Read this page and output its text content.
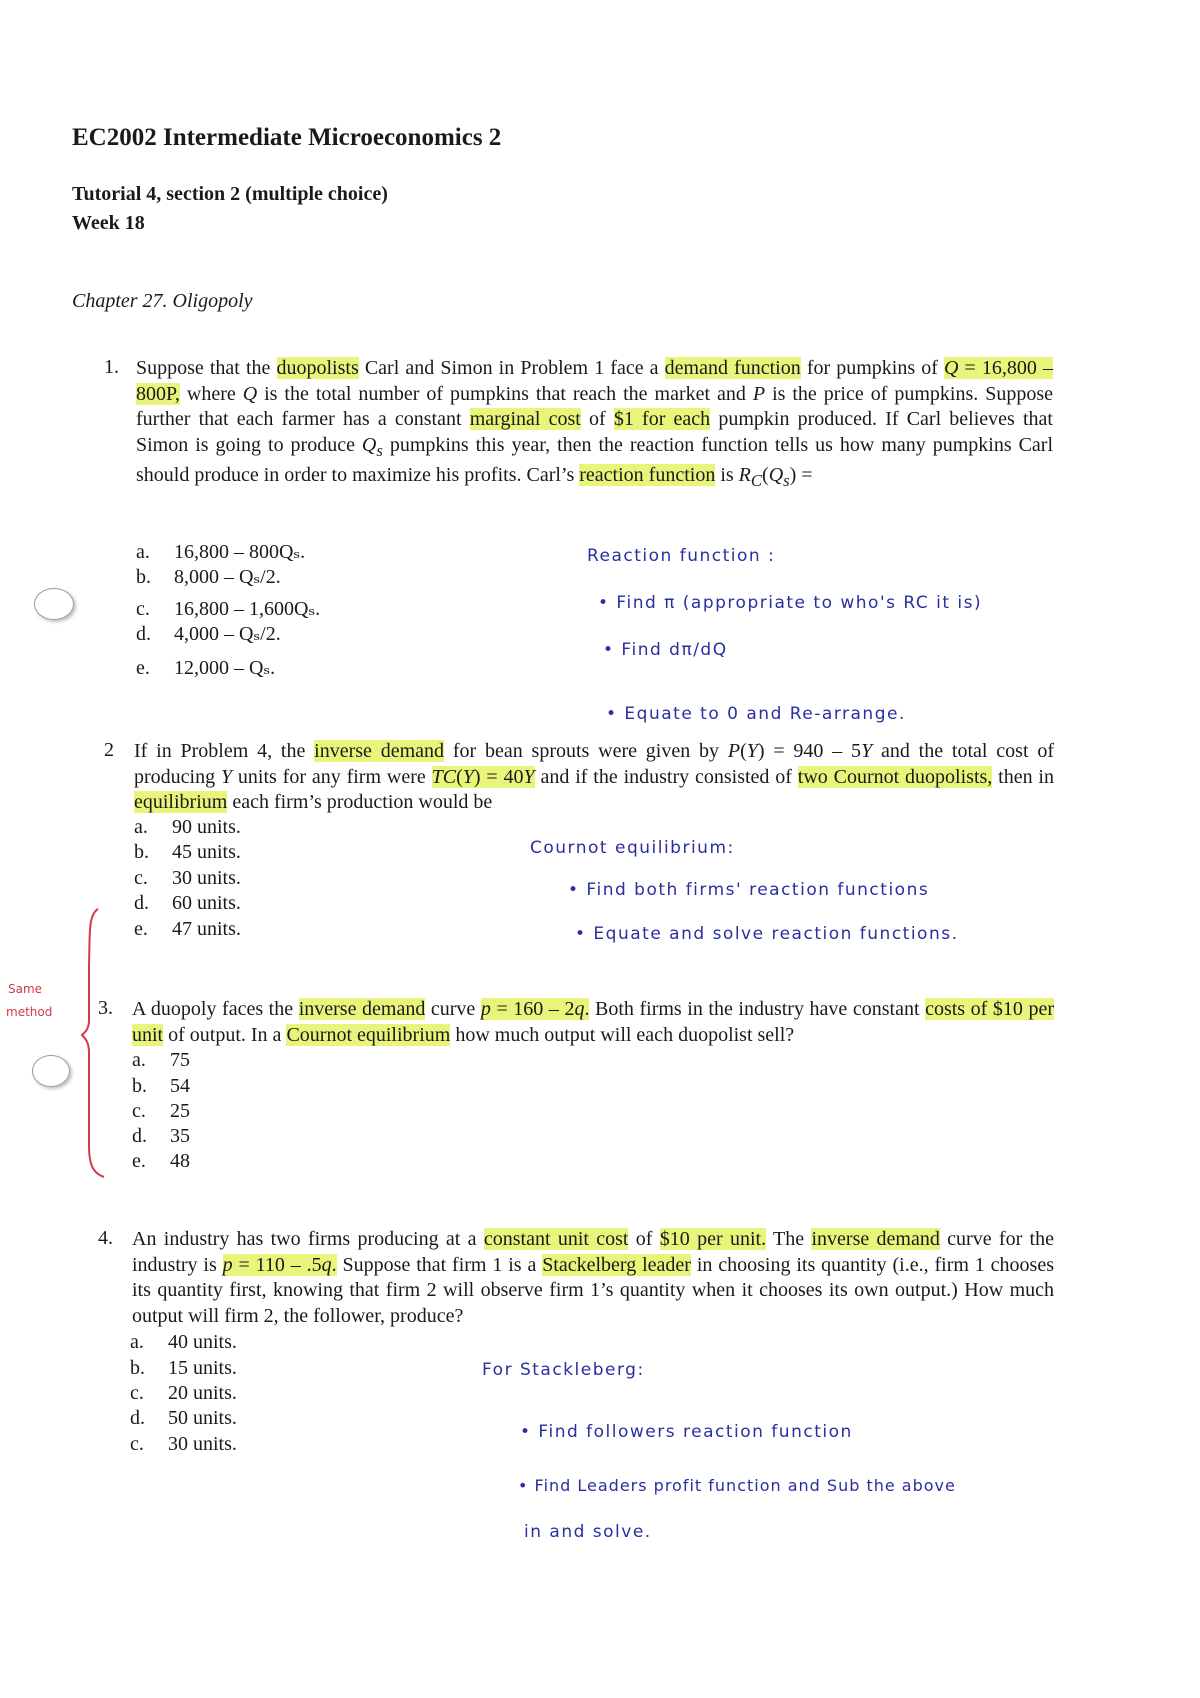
EC2002 Intermediate Microeconomics 2
Tutorial 4, section 2 (multiple choice)
Week 18
Chapter 27. Oligopoly
1. Suppose that the duopolists Carl and Simon in Problem 1 face a demand function for pumpkins of Q = 16,800 – 800P, where Q is the total number of pumpkins that reach the market and P is the price of pumpkins. Suppose further that each farmer has a constant marginal cost of $1 for each pumpkin produced. If Carl believes that Simon is going to produce $Q_s$ pumpkins this year, then the reaction function tells us how many pumpkins Carl should produce in order to maximize his profits. Carl’s reaction function is $R_C(Q_s)$ =
a. 16,800 – 800Qₛ.
b. 8,000 – Qₛ/2.
c. 16,800 – 1,600Qₛ.
d. 4,000 – Qₛ/2.
e. 12,000 – Qₛ.
Reaction function :
• Find π (appropriate to who's RC it is)
• Find dπ/dQ
• Equate to 0 and Re-arrange.
2 If in Problem 4, the inverse demand for bean sprouts were given by P(Y) = 940 – 5Y and the total cost of producing Y units for any firm were TC(Y) = 40Y and if the industry consisted of two Cournot duopolists, then in equilibrium each firm’s production would be
a. 90 units.
b. 45 units.
c. 30 units.
d. 60 units.
e. 47 units.
Cournot equilibrium:
• Find both firms' reaction functions
• Equate and solve reaction functions.
Same
method 3. A duopoly faces the inverse demand curve p = 160 – 2q. Both firms in the industry have constant costs of $10 per unit of output. In a Cournot equilibrium how much output will each duopolist sell?
a. 75
b. 54
c. 25
d. 35
e. 48
4. An industry has two firms producing at a constant unit cost of $10 per unit. The inverse demand curve for the industry is p = 110 – .5q. Suppose that firm 1 is a Stackelberg leader in choosing its quantity (i.e., firm 1 chooses its quantity first, knowing that firm 2 will observe firm 1’s quantity when it chooses its own output.) How much output will firm 2, the follower, produce?
a. 40 units.
b. 15 units.
c. 20 units.
d. 50 units.
c. 30 units.
For Stackleberg:
• Find followers reaction function
• Find Leaders profit function and Sub the above
in and solve.
